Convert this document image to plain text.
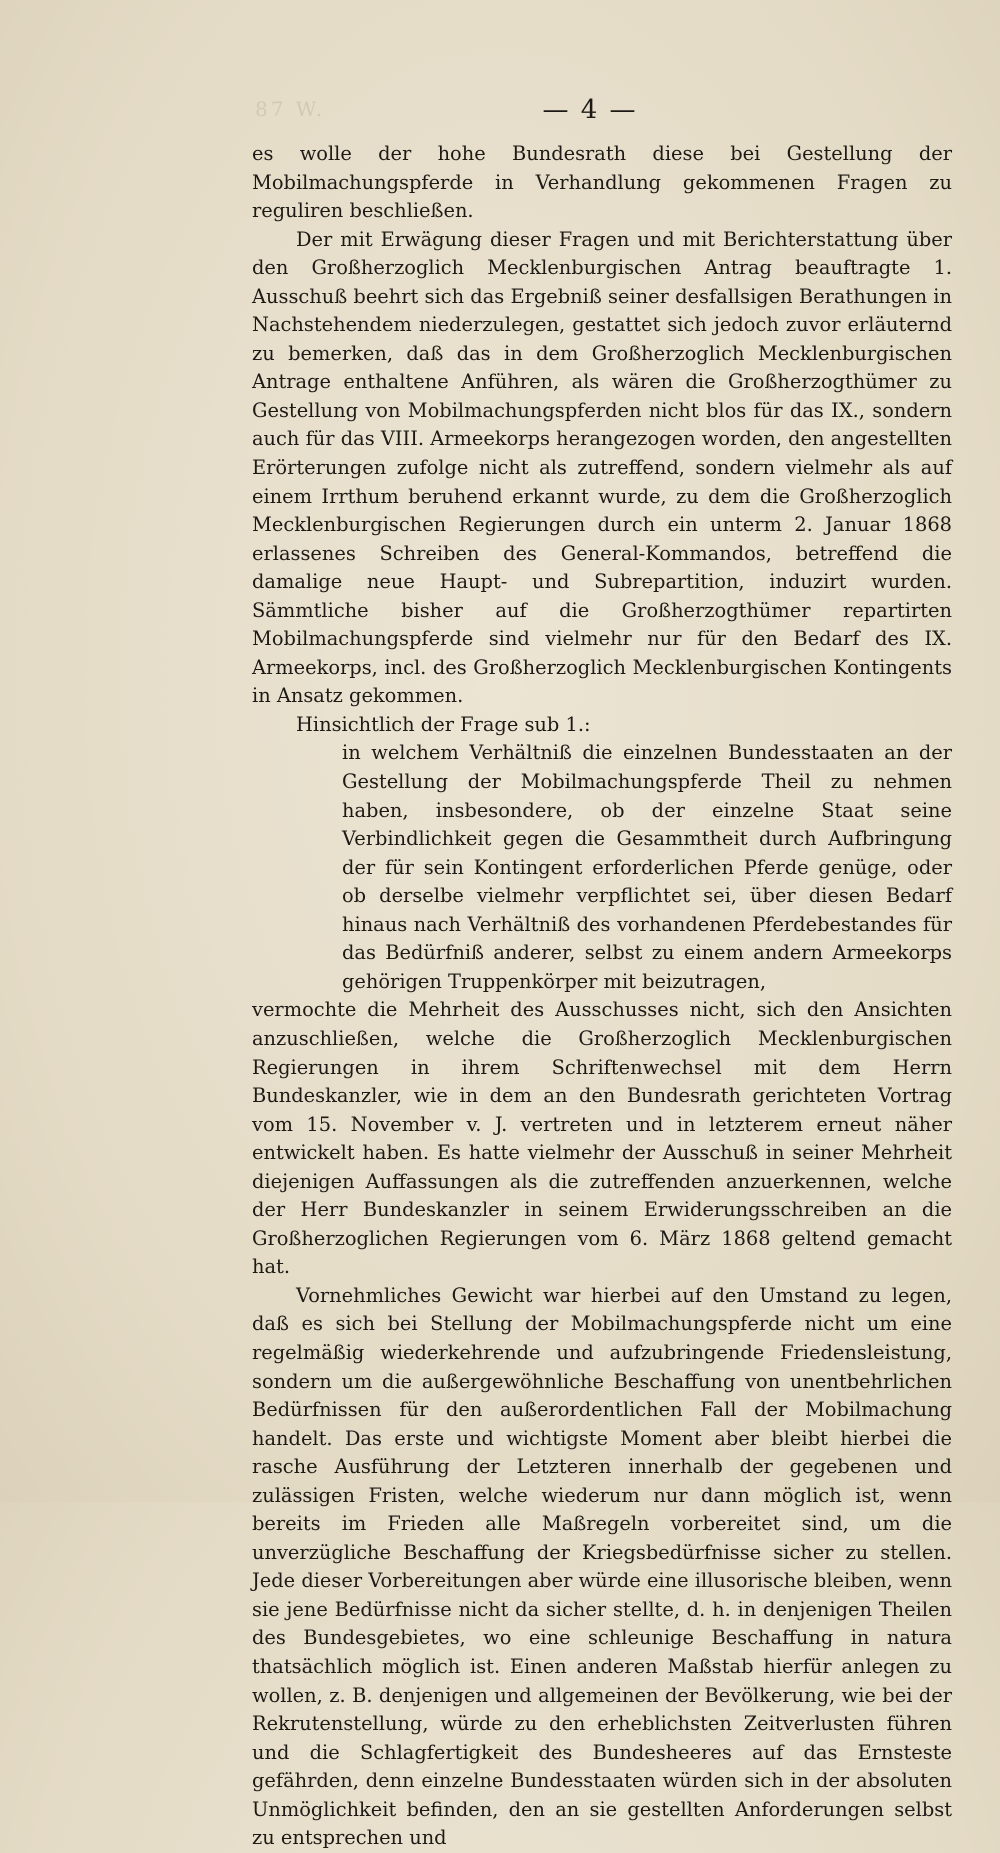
87 W.	— 4 —

es wolle der hohe Bundesrath diese bei Gestellung der Mobilmachungspferde in Verhandlung gekommenen Fragen zu reguliren beschließen.

Der mit Erwägung dieser Fragen und mit Berichterstattung über den Großherzoglich Mecklenburgischen Antrag beauftragte 1. Ausschuß beehrt sich das Ergebniß seiner desfallsigen Berathungen in Nachstehendem niederzulegen, gestattet sich jedoch zuvor erläuternd zu bemerken, daß das in dem Großherzoglich Mecklenburgischen Antrage enthaltene Anführen, als wären die Großherzogthümer zu Gestellung von Mobilmachungspferden nicht blos für das IX., sondern auch für das VIII. Armeekorps herangezogen worden, den angestellten Erörterungen zufolge nicht als zutreffend, sondern vielmehr als auf einem Irrthum beruhend erkannt wurde, zu dem die Großherzoglich Mecklenburgischen Regierungen durch ein unterm 2. Januar 1868 erlassenes Schreiben des General-Kommandos, betreffend die damalige neue Haupt- und Subrepartition, induzirt wurden. Sämmtliche bisher auf die Großherzogthümer repartirten Mobilmachungspferde sind vielmehr nur für den Bedarf des IX. Armeekorps, incl. des Großherzoglich Mecklenburgischen Kontingents in Ansatz gekommen.

Hinsichtlich der Frage sub 1.:

in welchem Verhältniß die einzelnen Bundesstaaten an der Gestellung der Mobilmachungspferde Theil zu nehmen haben, insbesondere, ob der einzelne Staat seine Verbindlichkeit gegen die Gesammtheit durch Aufbringung der für sein Kontingent erforderlichen Pferde genüge, oder ob derselbe vielmehr verpflichtet sei, über diesen Bedarf hinaus nach Verhältniß des vorhandenen Pferdebestandes für das Bedürfniß anderer, selbst zu einem andern Armeekorps gehörigen Truppenkörper mit beizutragen,

vermochte die Mehrheit des Ausschusses nicht, sich den Ansichten anzuschließen, welche die Großherzoglich Mecklenburgischen Regierungen in ihrem Schriftenwechsel mit dem Herrn Bundeskanzler, wie in dem an den Bundesrath gerichteten Vortrag vom 15. November v. J. vertreten und in letzterem erneut näher entwickelt haben. Es hatte vielmehr der Ausschuß in seiner Mehrheit diejenigen Auffassungen als die zutreffenden anzuerkennen, welche der Herr Bundeskanzler in seinem Erwiderungsschreiben an die Großherzoglichen Regierungen vom 6. März 1868 geltend gemacht hat.

Vornehmliches Gewicht war hierbei auf den Umstand zu legen, daß es sich bei Stellung der Mobilmachungspferde nicht um eine regelmäßig wiederkehrende und aufzubringende Friedensleistung, sondern um die außergewöhnliche Beschaffung von unentbehrlichen Bedürfnissen für den außerordentlichen Fall der Mobilmachung handelt. Das erste und wichtigste Moment aber bleibt hierbei die rasche Ausführung der Letzteren innerhalb der gegebenen und zulässigen Fristen, welche wiederum nur dann möglich ist, wenn bereits im Frieden alle Maßregeln vorbereitet sind, um die unverzügliche Beschaffung der Kriegsbedürfnisse sicher zu stellen. Jede dieser Vorbereitungen aber würde eine illusorische bleiben, wenn sie jene Bedürfnisse nicht da sicher stellte, d. h. in denjenigen Theilen des Bundesgebietes, wo eine schleunige Beschaffung in natura thatsächlich möglich ist. Einen anderen Maßstab hierfür anlegen zu wollen, z. B. denjenigen und allgemeinen der Bevölkerung, wie bei der Rekrutenstellung, würde zu den erheblichsten Zeitverlusten führen und die Schlagfertigkeit des Bundesheeres auf das Ernsteste gefährden, denn einzelne Bundesstaaten würden sich in der absoluten Unmöglichkeit befinden, den an sie gestellten Anforderungen selbst zu entsprechen und
